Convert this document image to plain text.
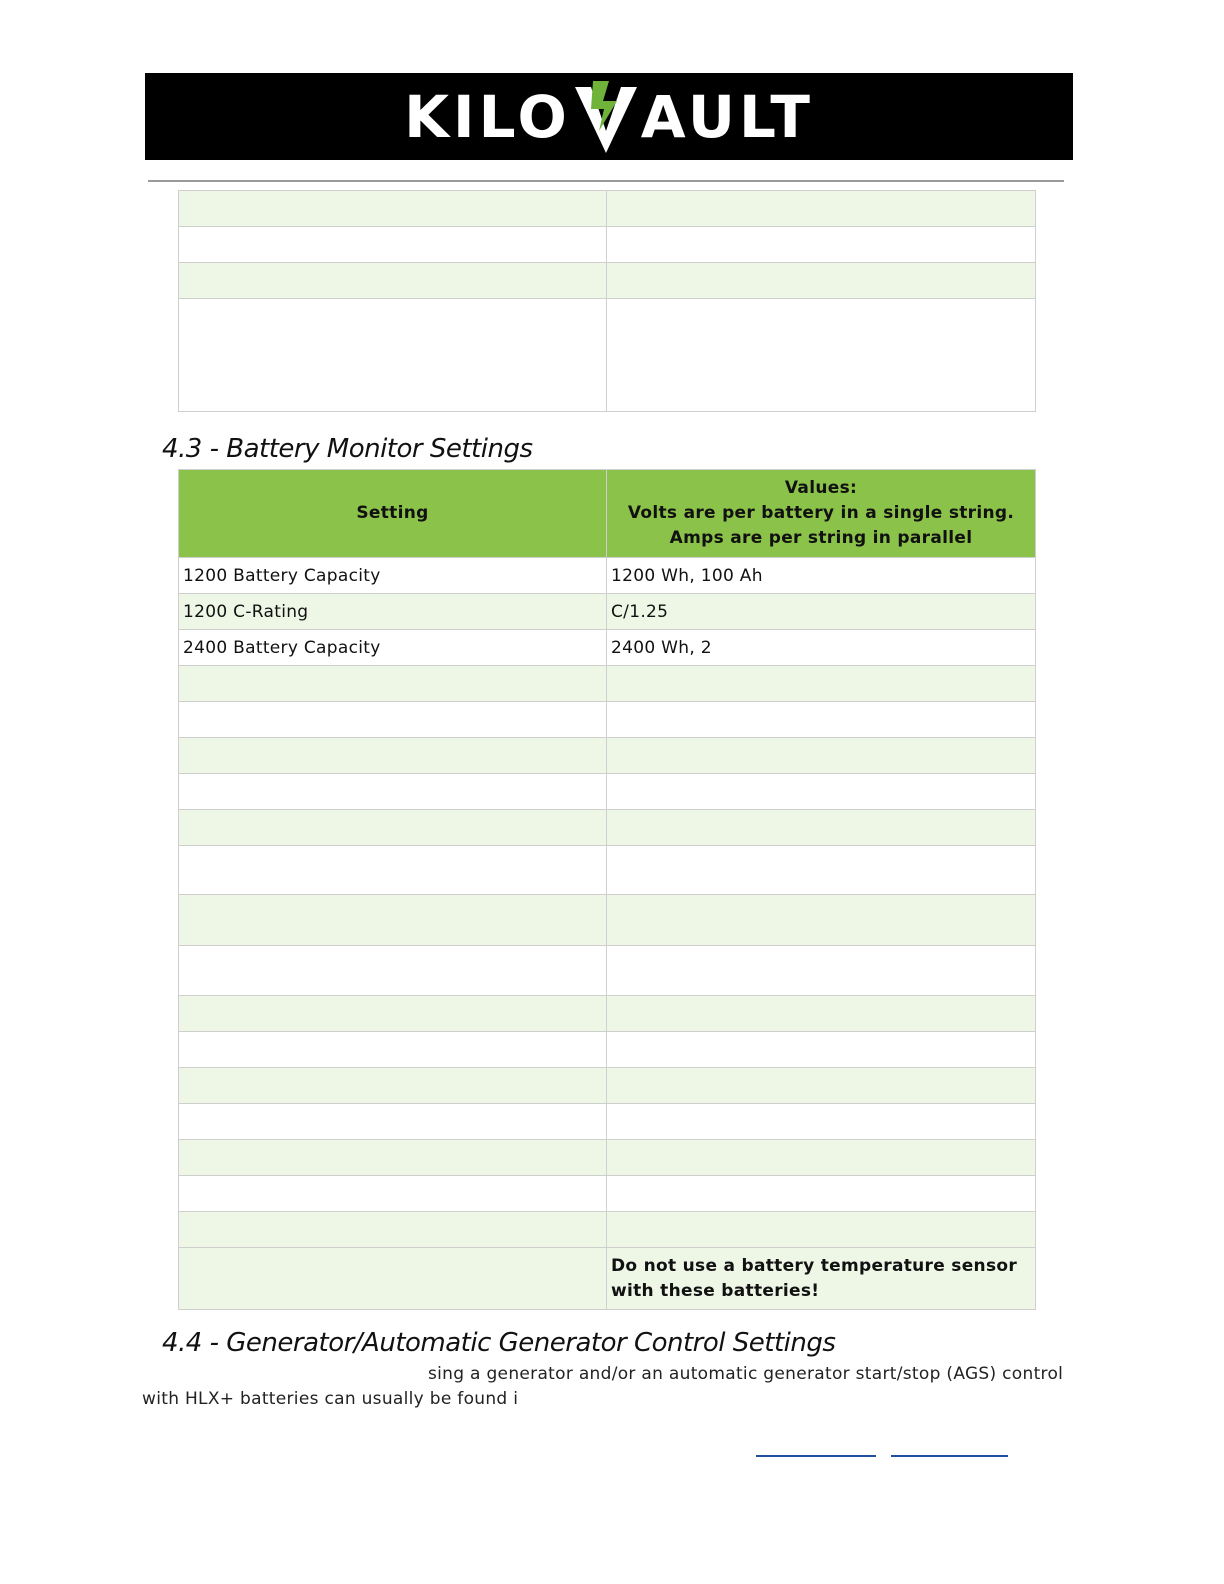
KILO AULT

4.3 - Battery Monitor Settings
Setting	Values:
Volts are per battery in a single string.
Amps are per string in parallel

1200 Battery Capacity	1200 Wh, 100 Ah
1200 C-Rating	C/1.25
2400 Battery Capacity	2400 Wh, 2

	Do not use a battery temperature sensor
with these batteries!
4.4 - Generator/Automatic Generator Control Settings
sing a generator and/or an automatic generator start/stop (AGS) control
with HLX+ batteries can usually be found i
